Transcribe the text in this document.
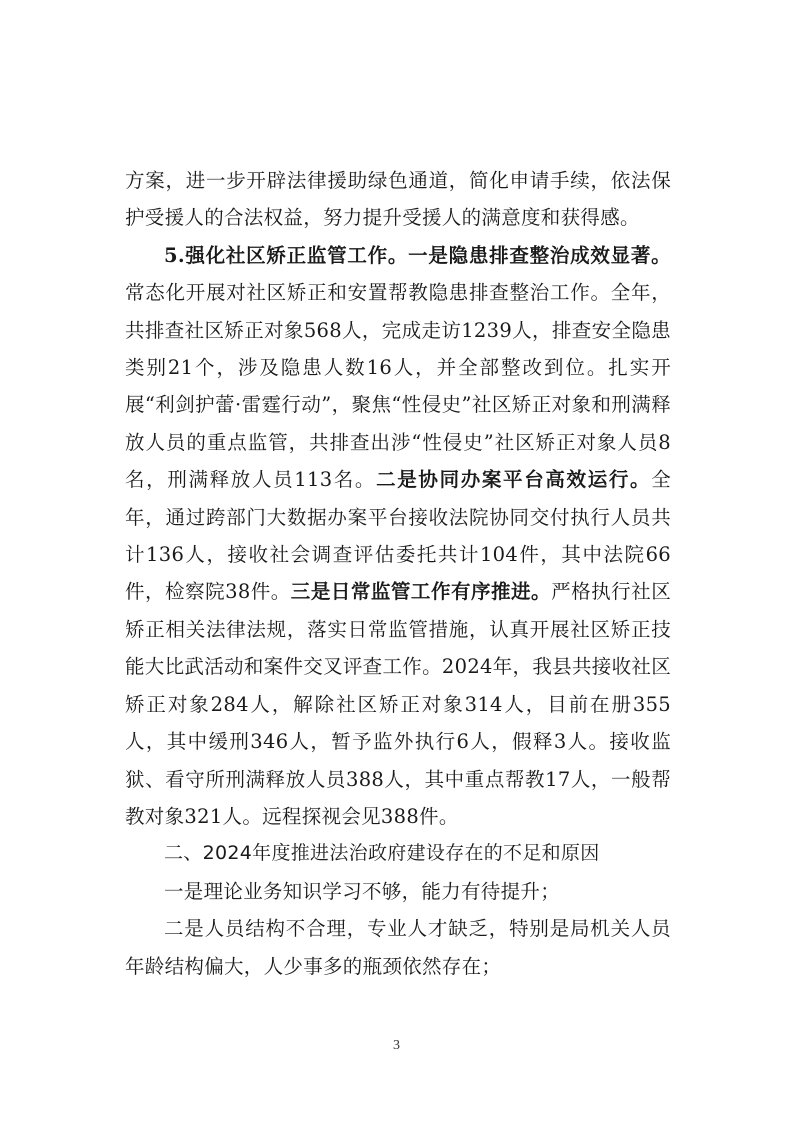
方案，进一步开辟法律援助绿色通道，简化申请手续，依法保护受援人的合法权益，努力提升受援人的满意度和获得感。

5.强化社区矫正监管工作。一是隐患排查整治成效显著。常态化开展对社区矫正和安置帮教隐患排查整治工作。全年，共排查社区矫正对象568人，完成走访1239人，排查安全隐患类别21个，涉及隐患人数16人，并全部整改到位。扎实开展“利剑护蕾·雷霆行动”，聚焦“性侵史”社区矫正对象和刑满释放人员的重点监管，共排查出涉“性侵史”社区矫正对象人员8名，刑满释放人员113名。二是协同办案平台高效运行。全年，通过跨部门大数据办案平台接收法院协同交付执行人员共计136人，接收社会调查评估委托共计104件，其中法院66件，检察院38件。三是日常监管工作有序推进。严格执行社区矫正相关法律法规，落实日常监管措施，认真开展社区矫正技能大比武活动和案件交叉评查工作。2024年，我县共接收社区矫正对象284人，解除社区矫正对象314人，目前在册355人，其中缓刑346人，暂予监外执行6人，假释3人。接收监狱、看守所刑满释放人员388人，其中重点帮教17人，一般帮教对象321人。远程探视会见388件。

二、2024年度推进法治政府建设存在的不足和原因

一是理论业务知识学习不够，能力有待提升；

二是人员结构不合理，专业人才缺乏，特别是局机关人员年龄结构偏大，人少事多的瓶颈依然存在；

3
